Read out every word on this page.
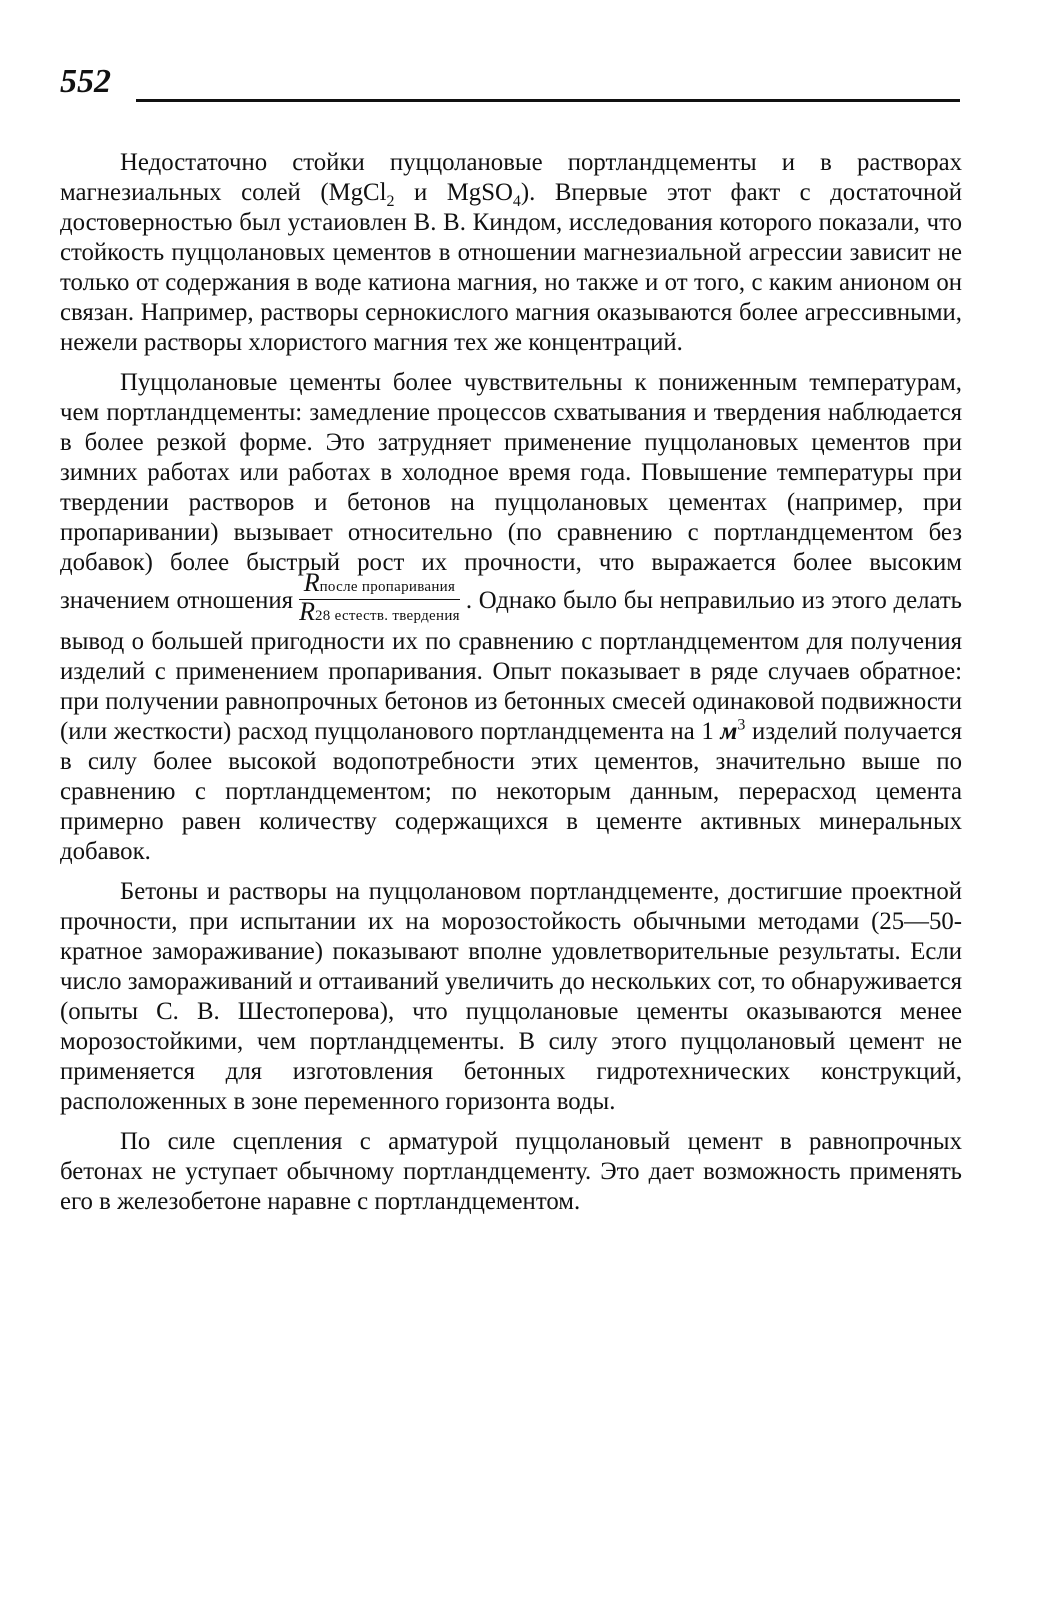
552

Недостаточно стойки пуццолановые портландцементы и в растворах магнезиальных солей (MgCl$_2$ и MgSO$_4$). Впервые этот факт с достаточной достоверностью был устаиовлен В. В. Киндом, исследования которого показали, что стойкость пуццолановых цементов в отношении магнезиальной агрессии зависит не только от содержания в воде катиона магния, но также и от того, с каким анионом он связан. Например, растворы сернокислого магния оказываются более агрессивными, нежели растворы хлористого магния тех же концентраций.

Пуццолановые цементы более чувствительны к пониженным температурам, чем портландцементы: замедление процессов схватывания и твердения наблюдается в более резкой форме. Это затрудняет применение пуццолановых цементов при зимних работах или работах в холодное время года. Повышение температуры при твердении растворов и бетонов на пуццолановых цементах (например, при пропаривании) вызывает относительно (по сравнению с портландцементом без добавок) более быстрый рост их прочности, что выражается более высоким значением отношения $\frac{\text{Rпосле пропаривания}}{\text{R28 естеств. твердения}}$ . Однако было бы неправильио из этого делать вывод о большей пригодности их по сравнению с портландцементом для получения изделий с применением пропаривания. Опыт показывает в ряде случаев обратное: при получении равнопрочных бетонов из бетонных смесей одинаковой подвижности (или жесткости) расход пуццоланового портландцемента на 1 $м^3$ изделий получается в силу более высокой водопотребности этих цементов, значительно выше по сравнению с портландцементом; по некоторым данным, перерасход цемента примерно равен количеству содержащихся в цементе активных минеральных добавок.

Бетоны и растворы на пуццолановом портландцементе, достигшие проектной прочности, при испытании их на морозостойкость обычными методами (25—50-кратное замораживание) показывают вполне удовлетворительные результаты. Если число замораживаний и оттаиваний увеличить до нескольких сот, то обнаруживается (опыты С. В. Шестоперова), что пуццолановые цементы оказываются менее морозостойкими, чем портландцементы. В силу этого пуццолановый цемент не применяется для изготовления бетонных гидротехнических конструкций, расположенных в зоне переменного горизонта воды.

По силе сцепления с арматурой пуццолановый цемент в равнопрочных бетонах не уступает обычному портландцементу. Это дает возможность применять его в железобетоне наравне с портландцементом.
